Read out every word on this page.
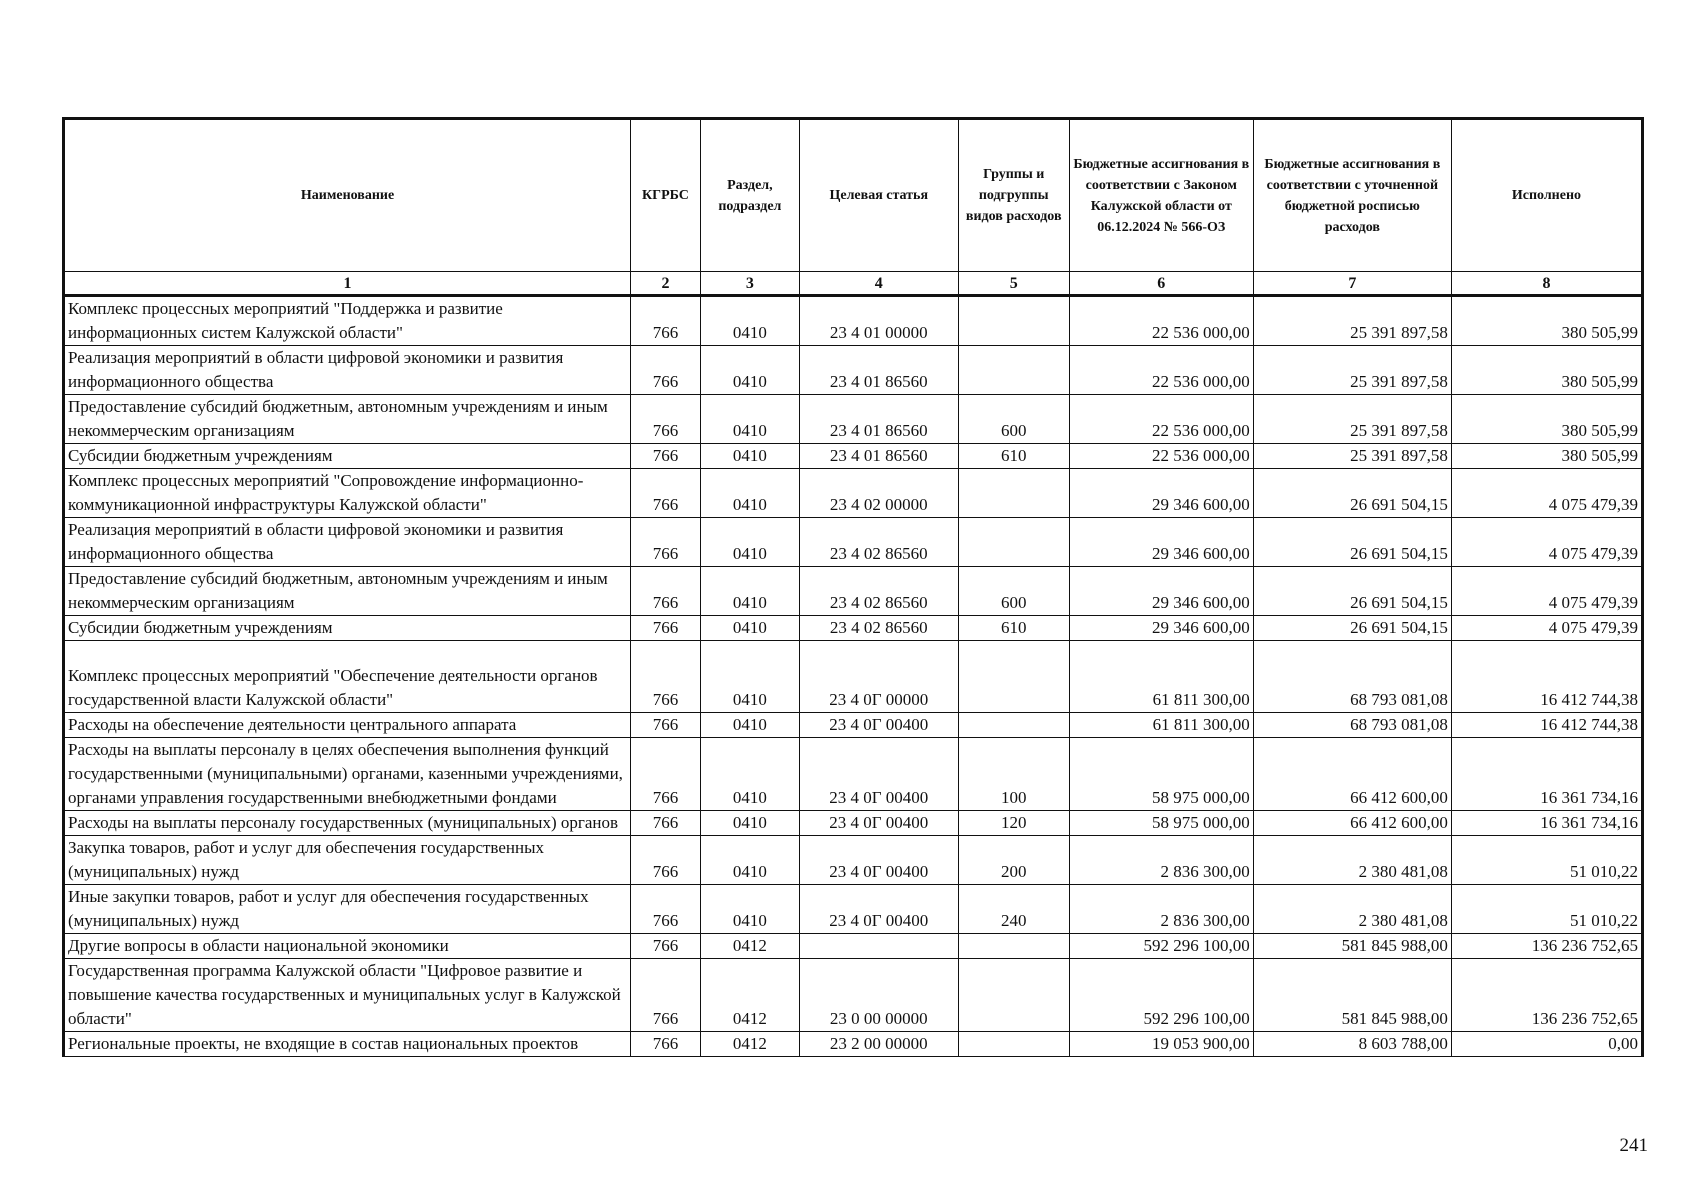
Наименование	КГРБС	Раздел, подраздел	Целевая статья	Группы и подгруппы видов расходов	Бюджетные ассигнования в соответствии с Законом Калужской области от 06.12.2024 № 566-ОЗ	Бюджетные ассигнования в соответствии с уточненной бюджетной росписью расходов	Исполнено
1	2	3	4	5	6	7	8
Комплекс процессных мероприятий "Поддержка и развитие информационных систем Калужской области"	766	0410	23 4 01 00000		22 536 000,00	25 391 897,58	380 505,99
Реализация мероприятий в области цифровой экономики и развития информационного общества	766	0410	23 4 01 86560		22 536 000,00	25 391 897,58	380 505,99
Предоставление субсидий бюджетным, автономным учреждениям и иным некоммерческим организациям	766	0410	23 4 01 86560	600	22 536 000,00	25 391 897,58	380 505,99
Субсидии бюджетным учреждениям	766	0410	23 4 01 86560	610	22 536 000,00	25 391 897,58	380 505,99
Комплекс процессных мероприятий "Сопровождение информационно-коммуникационной инфраструктуры Калужской области"	766	0410	23 4 02 00000		29 346 600,00	26 691 504,15	4 075 479,39
Реализация мероприятий в области цифровой экономики и развития информационного общества	766	0410	23 4 02 86560		29 346 600,00	26 691 504,15	4 075 479,39
Предоставление субсидий бюджетным, автономным учреждениям и иным некоммерческим организациям	766	0410	23 4 02 86560	600	29 346 600,00	26 691 504,15	4 075 479,39
Субсидии бюджетным учреждениям	766	0410	23 4 02 86560	610	29 346 600,00	26 691 504,15	4 075 479,39
Комплекс процессных мероприятий "Обеспечение деятельности органов государственной власти Калужской области"	766	0410	23 4 0Г 00000		61 811 300,00	68 793 081,08	16 412 744,38
Расходы на обеспечение деятельности центрального аппарата	766	0410	23 4 0Г 00400		61 811 300,00	68 793 081,08	16 412 744,38
Расходы на выплаты персоналу в целях обеспечения выполнения функций государственными (муниципальными) органами, казенными учреждениями, органами управления государственными внебюджетными фондами	766	0410	23 4 0Г 00400	100	58 975 000,00	66 412 600,00	16 361 734,16
Расходы на выплаты персоналу государственных (муниципальных) органов	766	0410	23 4 0Г 00400	120	58 975 000,00	66 412 600,00	16 361 734,16
Закупка товаров, работ и услуг для обеспечения государственных (муниципальных) нужд	766	0410	23 4 0Г 00400	200	2 836 300,00	2 380 481,08	51 010,22
Иные закупки товаров, работ и услуг для обеспечения государственных (муниципальных) нужд	766	0410	23 4 0Г 00400	240	2 836 300,00	2 380 481,08	51 010,22
Другие вопросы в области национальной экономики	766	0412			592 296 100,00	581 845 988,00	136 236 752,65
Государственная программа Калужской области "Цифровое развитие и повышение качества государственных и муниципальных услуг в Калужской области"	766	0412	23 0 00 00000		592 296 100,00	581 845 988,00	136 236 752,65
Региональные проекты, не входящие в состав национальных проектов	766	0412	23 2 00 00000		19 053 900,00	8 603 788,00	0,00
241
